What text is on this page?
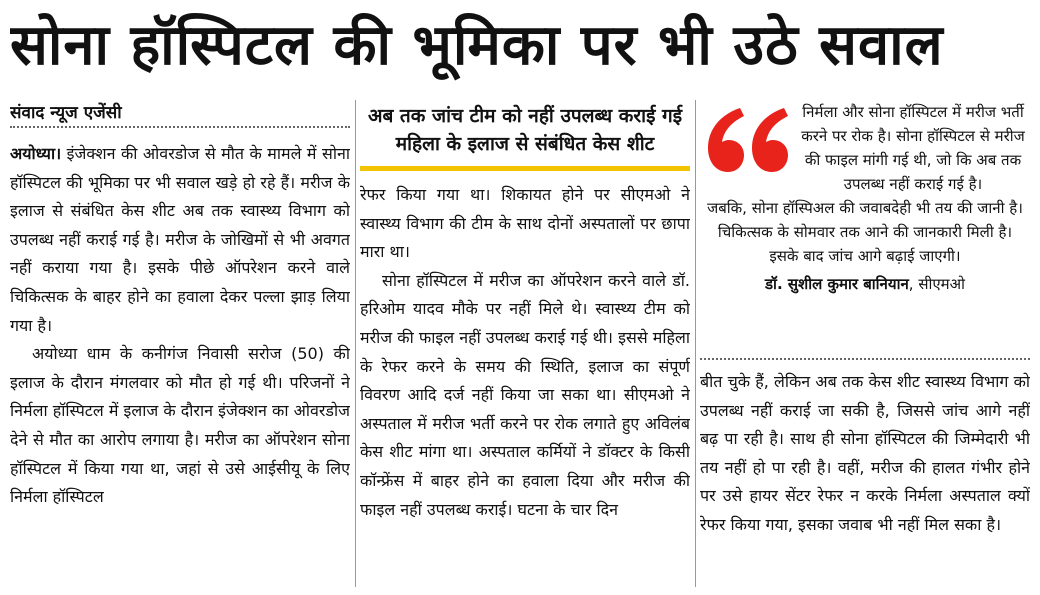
सोना हॉस्पिटल की भूमिका पर भी उठे सवाल
संवाद न्यूज एजेंसी

अयोध्या। इंजेक्शन की ओवरडोज से मौत के मामले में सोना हॉस्पिटल की भूमिका पर भी सवाल खड़े हो रहे हैं। मरीज के इलाज से संबंधित केस शीट अब तक स्वास्थ्य विभाग को उपलब्ध नहीं कराई गई है। मरीज के जोखिमों से भी अवगत नहीं कराया गया है। इसके पीछे ऑपरेशन करने वाले चिकित्सक के बाहर होने का हवाला देकर पल्ला झाड़ लिया गया है।

अयोध्या धाम के कनीगंज निवासी सरोज (50) की इलाज के दौरान मंगलवार को मौत हो गई थी। परिजनों ने निर्मला हॉस्पिटल में इलाज के दौरान इंजेक्शन का ओवरडोज देने से मौत का आरोप लगाया है। मरीज का ऑपरेशन सोना हॉस्पिटल में किया गया था, जहां से उसे आईसीयू के लिए निर्मला हॉस्पिटल

अब तक जांच टीम को नहीं उपलब्ध कराई गई महिला के इलाज से संबंधित केस शीट

रेफर किया गया था। शिकायत होने पर सीएमओ ने स्वास्थ्य विभाग की टीम के साथ दोनों अस्पतालों पर छापा मारा था।

सोना हॉस्पिटल में मरीज का ऑपरेशन करने वाले डॉ. हरिओम यादव मौके पर नहीं मिले थे। स्वास्थ्य टीम को मरीज की फाइल नहीं उपलब्ध कराई गई थी। इससे महिला के रेफर करने के समय की स्थिति, इलाज का संपूर्ण विवरण आदि दर्ज नहीं किया जा सका था। सीएमओ ने अस्पताल में मरीज भर्ती करने पर रोक लगाते हुए अविलंब केस शीट मांगा था। अस्पताल कर्मियों ने डॉक्टर के किसी कॉन्फ्रेंस में बाहर होने का हवाला दिया और मरीज की फाइल नहीं उपलब्ध कराई। घटना के चार दिन

निर्मला और सोना हॉस्पिटल में मरीज भर्ती करने पर रोक है। सोना हॉस्पिटल से मरीज की फाइल मांगी गई थी, जो कि अब तक उपलब्ध नहीं कराई गई है।
जबकि, सोना हॉस्पिअल की जवाबदेही भी तय की जानी है। चिकित्सक के सोमवार तक आने की जानकारी मिली है। इसके बाद जांच आगे बढ़ाई जाएगी।

डॉ. सुशील कुमार बानियान, सीएमओ

बीत चुके हैं, लेकिन अब तक केस शीट स्वास्थ्य विभाग को उपलब्ध नहीं कराई जा सकी है, जिससे जांच आगे नहीं बढ़ पा रही है। साथ ही सोना हॉस्पिटल की जिम्मेदारी भी तय नहीं हो पा रही है। वहीं, मरीज की हालत गंभीर होने पर उसे हायर सेंटर रेफर न करके निर्मला अस्पताल क्यों रेफर किया गया, इसका जवाब भी नहीं मिल सका है।
